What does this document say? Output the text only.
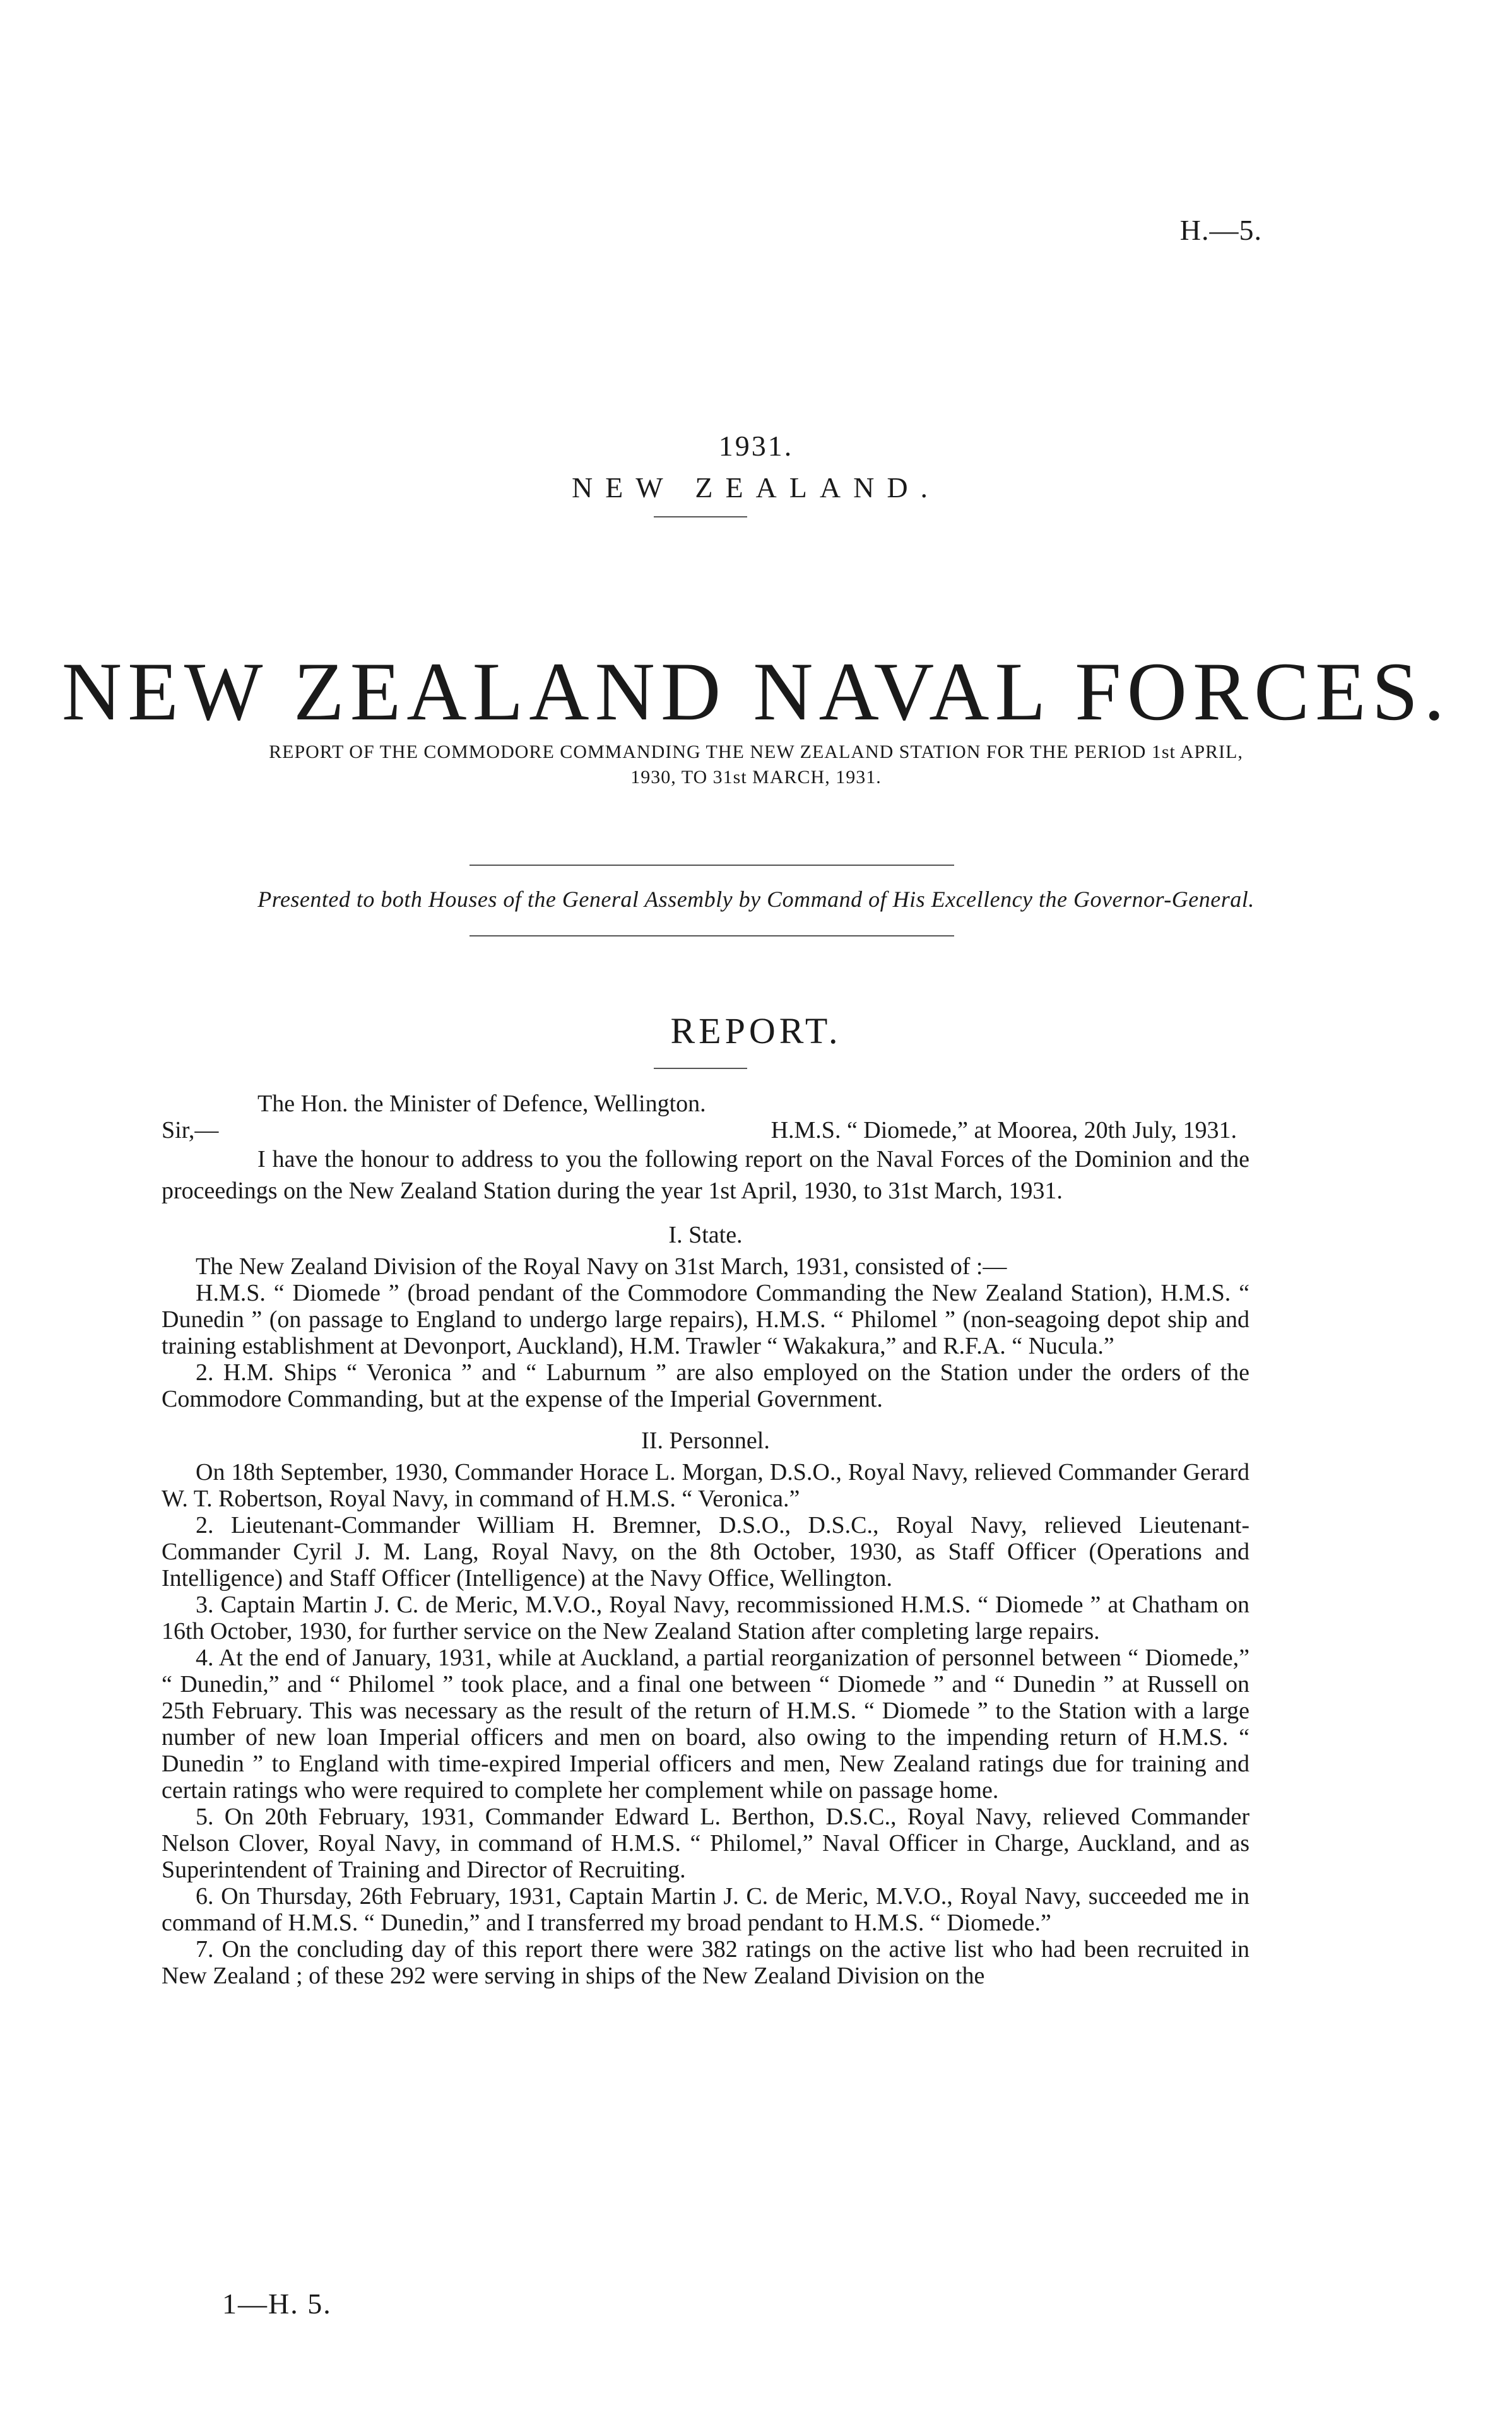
H.—5.
1931.
NEW ZEALAND.
NEW ZEALAND NAVAL FORCES.
REPORT OF THE COMMODORE COMMANDING THE NEW ZEALAND STATION FOR THE PERIOD 1st APRIL, 1930, TO 31st MARCH, 1931.
Presented to both Houses of the General Assembly by Command of His Excellency the Governor-General.
REPORT.

The Hon. the Minister of Defence, Wellington.

Sir,—	H.M.S. “ Diomede,” at Moorea, 20th July, 1931.

I have the honour to address to you the following report on the Naval Forces of the Dominion and the proceedings on the New Zealand Station during the year 1st April, 1930, to 31st March, 1931.

I. State.

The New Zealand Division of the Royal Navy on 31st March, 1931, consisted of :—

H.M.S. “ Diomede ” (broad pendant of the Commodore Commanding the New Zealand Station), H.M.S. “ Dunedin ” (on passage to England to undergo large repairs), H.M.S. “ Philomel ” (non-seagoing depot ship and training establishment at Devonport, Auckland), H.M. Trawler “ Wakakura,” and R.F.A. “ Nucula.”

2. H.M. Ships “ Veronica ” and “ Laburnum ” are also employed on the Station under the orders of the Commodore Commanding, but at the expense of the Imperial Government.

II. Personnel.

On 18th September, 1930, Commander Horace L. Morgan, D.S.O., Royal Navy, relieved Commander Gerard W. T. Robertson, Royal Navy, in command of H.M.S. “ Veronica.”

2. Lieutenant-Commander William H. Bremner, D.S.O., D.S.C., Royal Navy, relieved Lieutenant-Commander Cyril J. M. Lang, Royal Navy, on the 8th October, 1930, as Staff Officer (Operations and Intelligence) and Staff Officer (Intelligence) at the Navy Office, Wellington.

3. Captain Martin J. C. de Meric, M.V.O., Royal Navy, recommissioned H.M.S. “ Diomede ” at Chatham on 16th October, 1930, for further service on the New Zealand Station after completing large repairs.

4. At the end of January, 1931, while at Auckland, a partial reorganization of personnel between “ Diomede,” “ Dunedin,” and “ Philomel ” took place, and a final one between “ Diomede ” and “ Dunedin ” at Russell on 25th February. This was necessary as the result of the return of H.M.S. “ Diomede ” to the Station with a large number of new loan Imperial officers and men on board, also owing to the impending return of H.M.S. “ Dunedin ” to England with time-expired Imperial officers and men, New Zealand ratings due for training and certain ratings who were required to complete her complement while on passage home.

5. On 20th February, 1931, Commander Edward L. Berthon, D.S.C., Royal Navy, relieved Commander Nelson Clover, Royal Navy, in command of H.M.S. “ Philomel,” Naval Officer in Charge, Auckland, and as Superintendent of Training and Director of Recruiting.

6. On Thursday, 26th February, 1931, Captain Martin J. C. de Meric, M.V.O., Royal Navy, succeeded me in command of H.M.S. “ Dunedin,” and I transferred my broad pendant to H.M.S. “ Diomede.”

7. On the concluding day of this report there were 382 ratings on the active list who had been recruited in New Zealand ; of these 292 were serving in ships of the New Zealand Division on the

1—H. 5.
